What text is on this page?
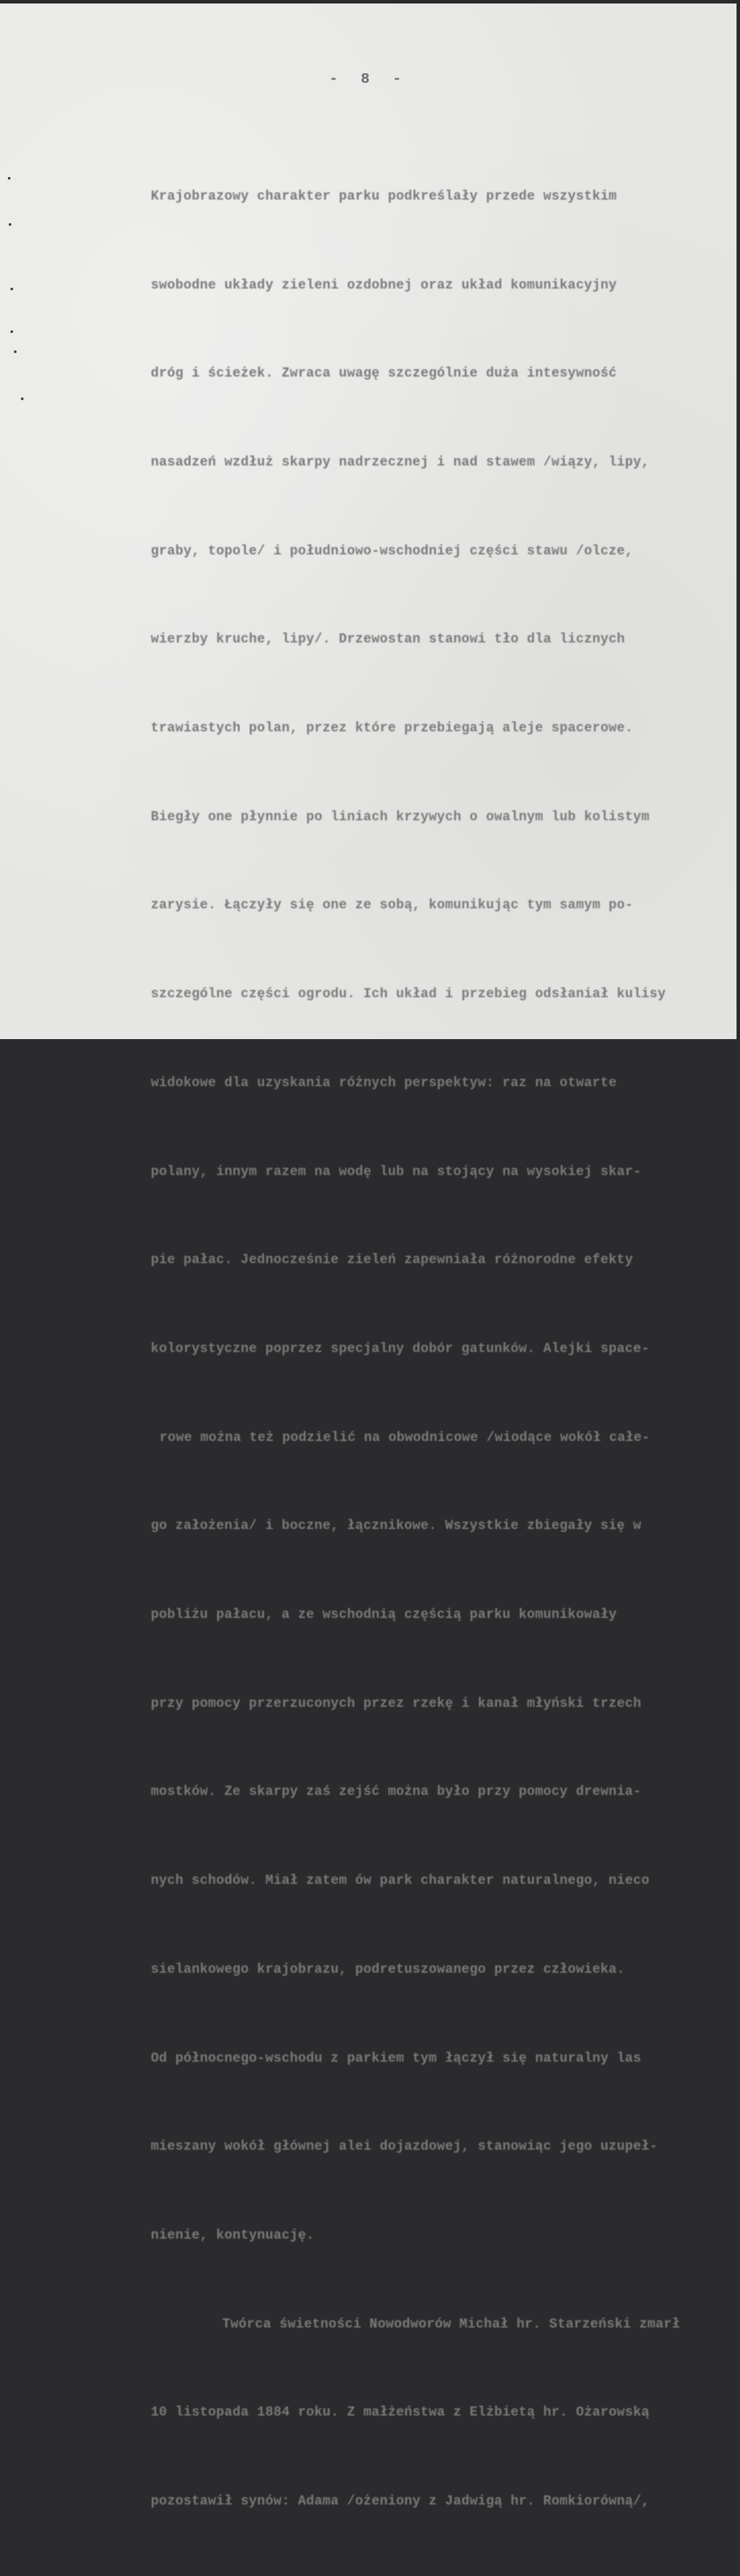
- 8 -

Krajobrazowy charakter parku podkreślały przede wszystkim

swobodne układy zieleni ozdobnej oraz układ komunikacyjny

dróg i ścieżek. Zwraca uwagę szczególnie duża intesywność

nasadzeń wzdłuż skarpy nadrzecznej i nad stawem /wiązy, lipy,

graby, topole/ i południowo-wschodniej części stawu /olcze,

wierzby kruche, lipy/. Drzewostan stanowi tło dla licznych

trawiastych polan, przez które przebiegają aleje spacerowe.

Biegły one płynnie po liniach krzywych o owalnym lub kolistym

zarysie. Łączyły się one ze sobą, komunikując tym samym po-

szczególne części ogrodu. Ich układ i przebieg odsłaniał kulisy

widokowe dla uzyskania różnych perspektyw: raz na otwarte

polany, innym razem na wodę lub na stojący na wysokiej skar-

pie pałac. Jednocześnie zieleń zapewniała różnorodne efekty

kolorystyczne poprzez specjalny dobór gatunków. Alejki space-

rowe można też podzielić na obwodnicowe /wiodące wokół całe-

go założenia/ i boczne, łącznikowe. Wszystkie zbiegały się w

pobliżu pałacu, a ze wschodnią częścią parku komunikowały

przy pomocy przerzuconych przez rzekę i kanał młyński trzech

mostków. Ze skarpy zaś zejść można było przy pomocy drewnia-

nych schodów. Miał zatem ów park charakter naturalnego, nieco

sielankowego krajobrazu, podretuszowanego przez człowieka.

Od północnego-wschodu z parkiem tym łączył się naturalny las

mieszany wokół głównej alei dojazdowej, stanowiąc jego uzupeł-

nienie, kontynuację.

Twórca świetności Nowodworów Michał hr. Starzeński zmarł

10 listopada 1884 roku. Z małżeństwa z Elżbietą hr. Ożarowską

pozostawił synów: Adama /ożeniony z Jadwigą hr. Romkiorówną/,
